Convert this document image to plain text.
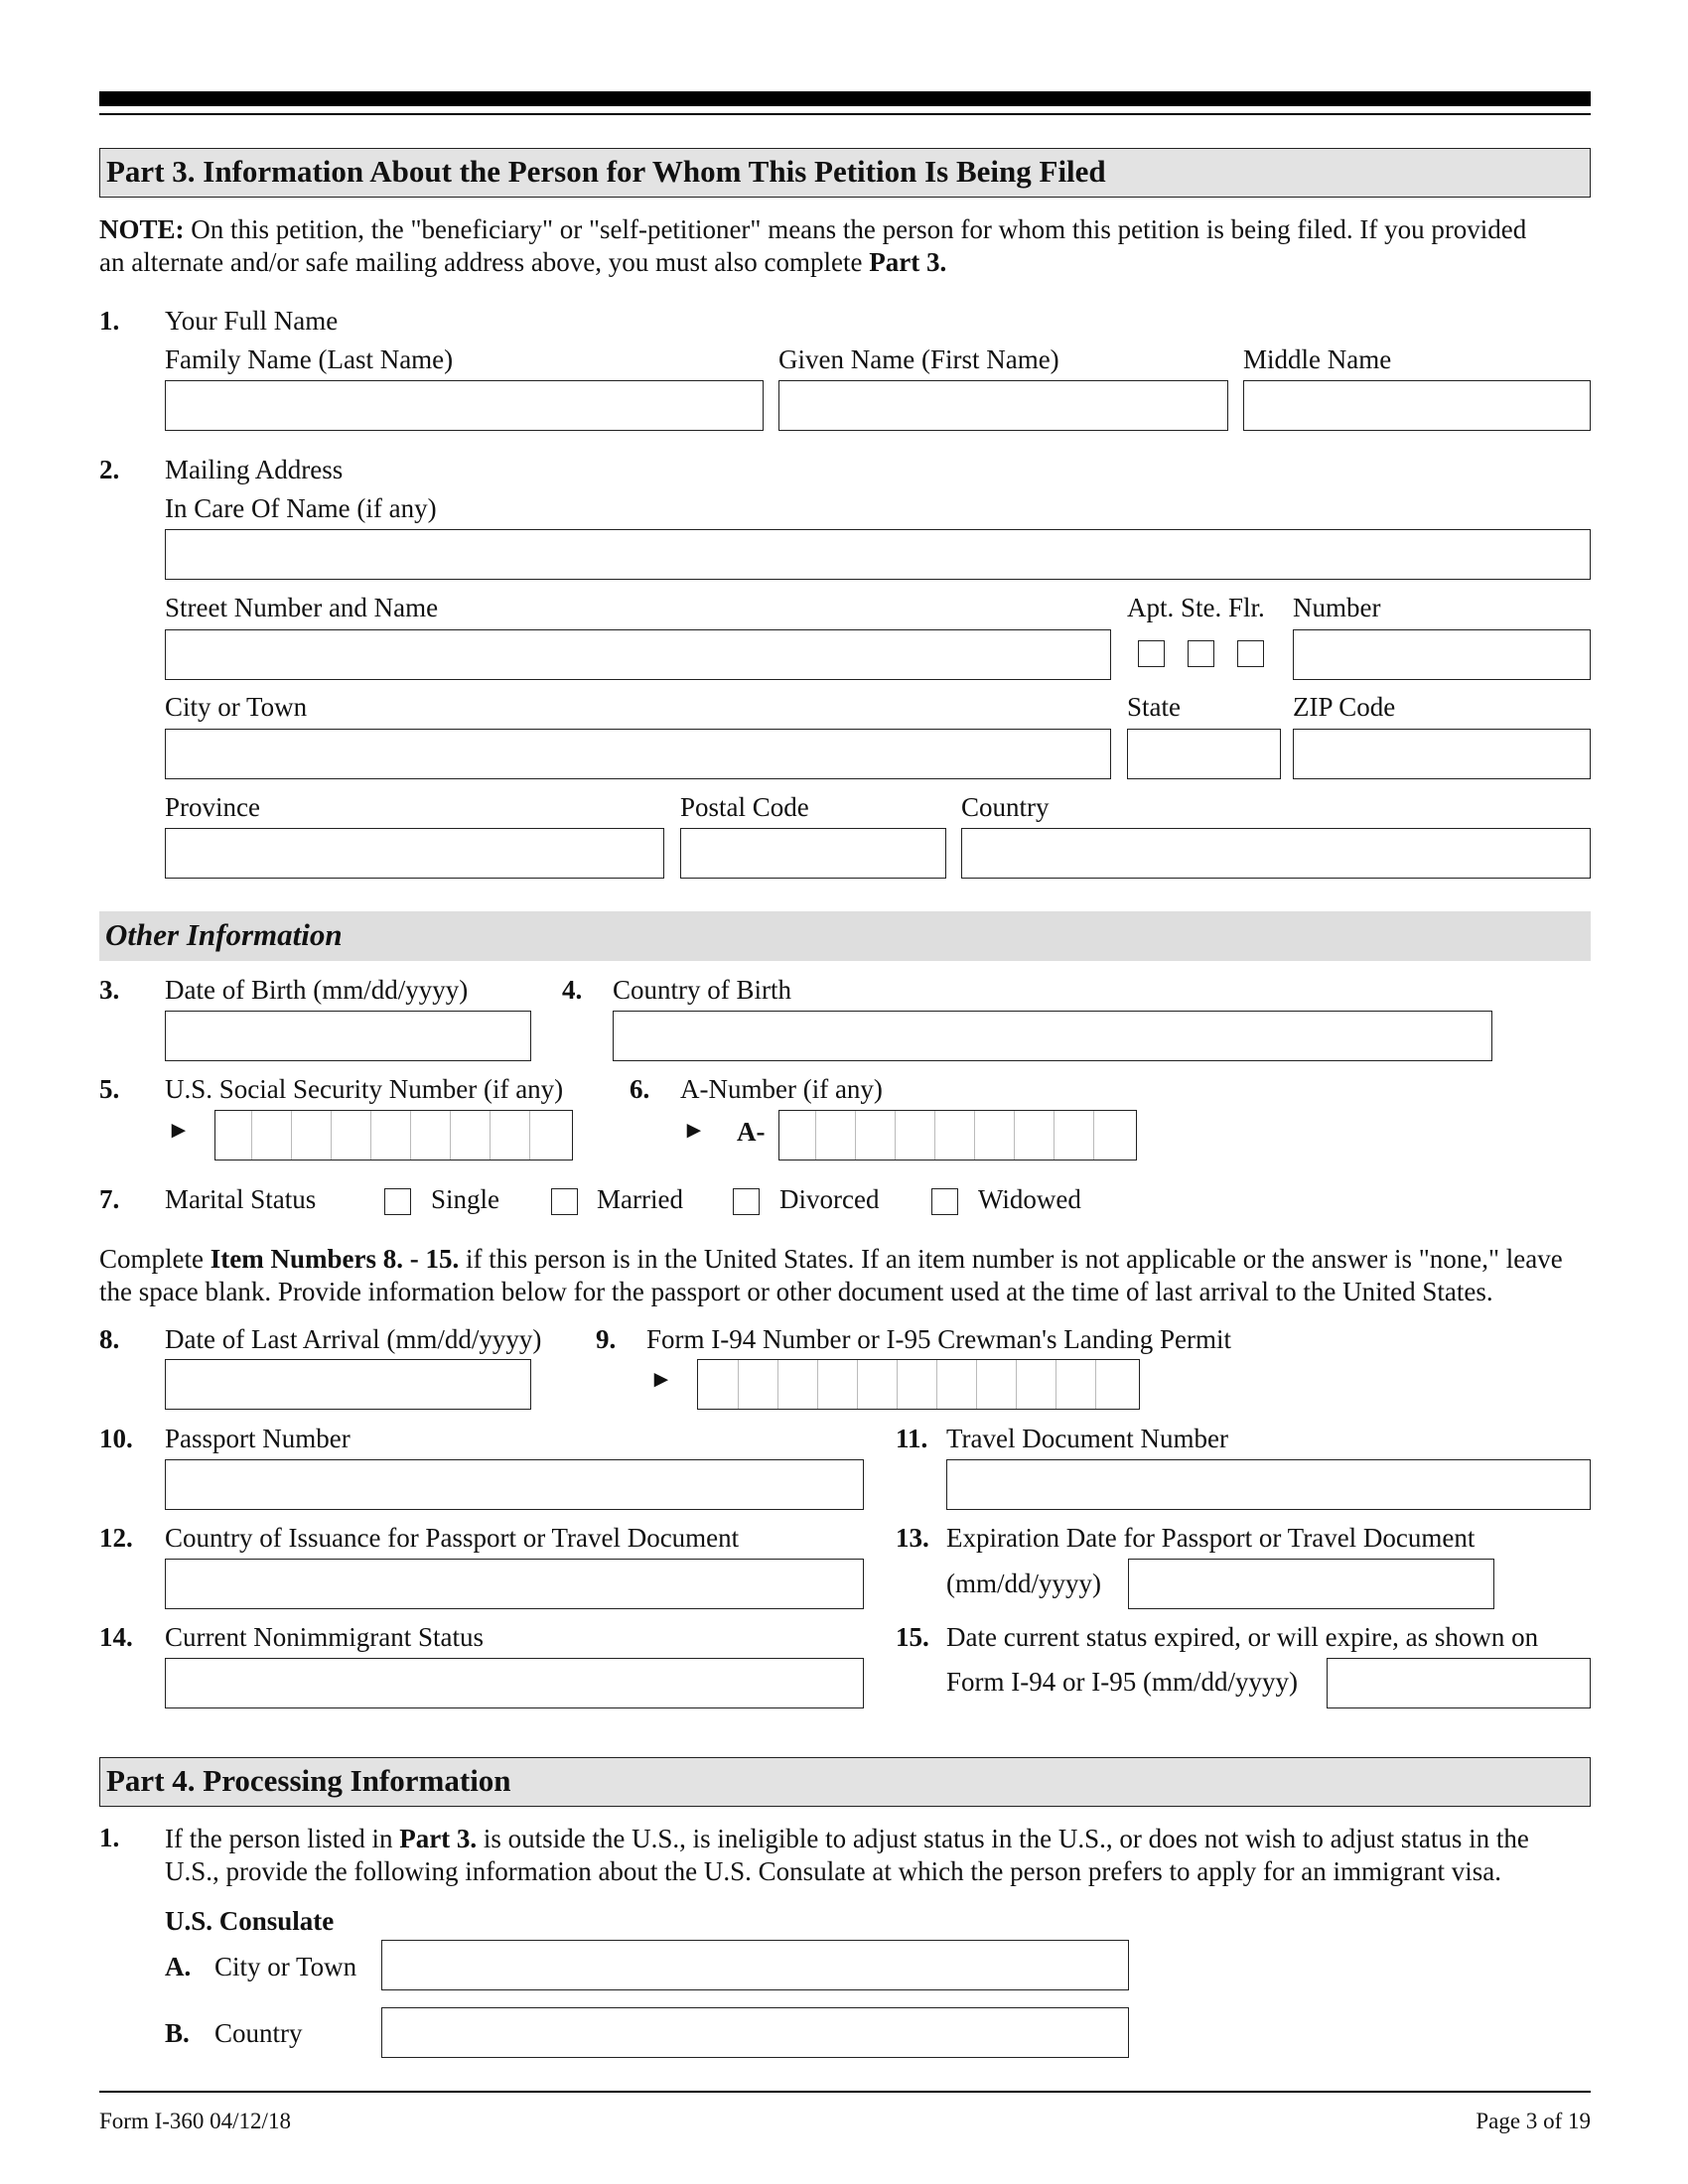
Part 3. Information About the Person for Whom This Petition Is Being Filed
NOTE: On this petition, the "beneficiary" or "self-petitioner" means the person for whom this petition is being filed. If you provided
an alternate and/or safe mailing address above, you must also complete Part 3.
1. Your Full Name
Family Name (Last Name)	Given Name (First Name)	Middle Name
2. Mailing Address
In Care Of Name (if any)
Street Number and Name	Apt. Ste. Flr. Number
City or Town	State	ZIP Code
Province	Postal Code	Country
Other Information
3. Date of Birth (mm/dd/yyyy)	4. Country of Birth
5. U.S. Social Security Number (if any) 6. A-Number (if any)
►	► A-
7. Marital Status	Single	Married	Divorced	Widowed
Complete Item Numbers 8. - 15. if this person is in the United States. If an item number is not applicable or the answer is "none," leave
the space blank. Provide information below for the passport or other document used at the time of last arrival to the United States.
8. Date of Last Arrival (mm/dd/yyyy) 9. Form I-94 Number or I-95 Crewman's Landing Permit
►
10. Passport Number	11. Travel Document Number
12. Country of Issuance for Passport or Travel Document	13. Expiration Date for Passport or Travel Document
(mm/dd/yyyy)
14. Current Nonimmigrant Status	15. Date current status expired, or will expire, as shown on
Form I-94 or I-95 (mm/dd/yyyy)
Part 4. Processing Information
1. If the person listed in Part 3. is outside the U.S., is ineligible to adjust status in the U.S., or does not wish to adjust status in the
U.S., provide the following information about the U.S. Consulate at which the person prefers to apply for an immigrant visa.
U.S. Consulate
A. City or Town
B. Country
Form I-360 04/12/18	Page 3 of 19
